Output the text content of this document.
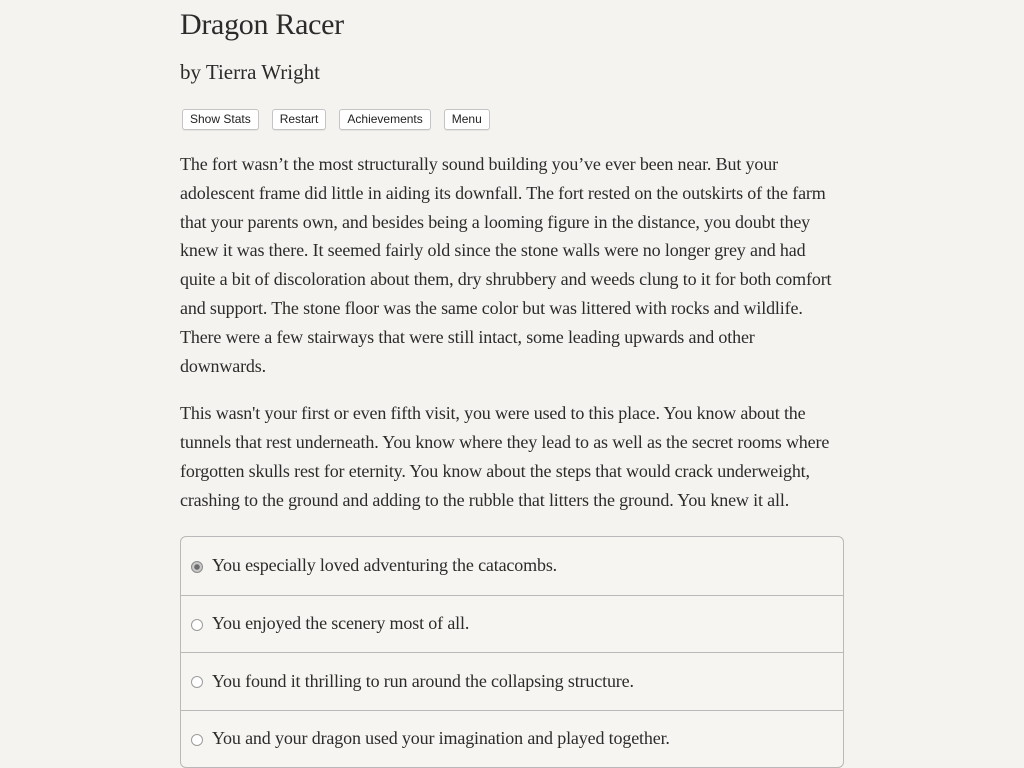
Dragon Racer
by Tierra Wright
Show Stats	Restart	Achievements	Menu

The fort wasn’t the most structurally sound building you’ve ever been near. But your adolescent frame did little in aiding its downfall. The fort rested on the outskirts of the farm that your parents own, and besides being a looming figure in the distance, you doubt they knew it was there. It seemed fairly old since the stone walls were no longer grey and had quite a bit of discoloration about them, dry shrubbery and weeds clung to it for both comfort and support. The stone floor was the same color but was littered with rocks and wildlife. There were a few stairways that were still intact, some leading upwards and other downwards.

This wasn't your first or even fifth visit, you were used to this place. You know about the tunnels that rest underneath. You know where they lead to as well as the secret rooms where forgotten skulls rest for eternity. You know about the steps that would crack underweight, crashing to the ground and adding to the rubble that litters the ground. You knew it all.

You especially loved adventuring the catacombs.
You enjoyed the scenery most of all.
You found it thrilling to run around the collapsing structure.
You and your dragon used your imagination and played together.
